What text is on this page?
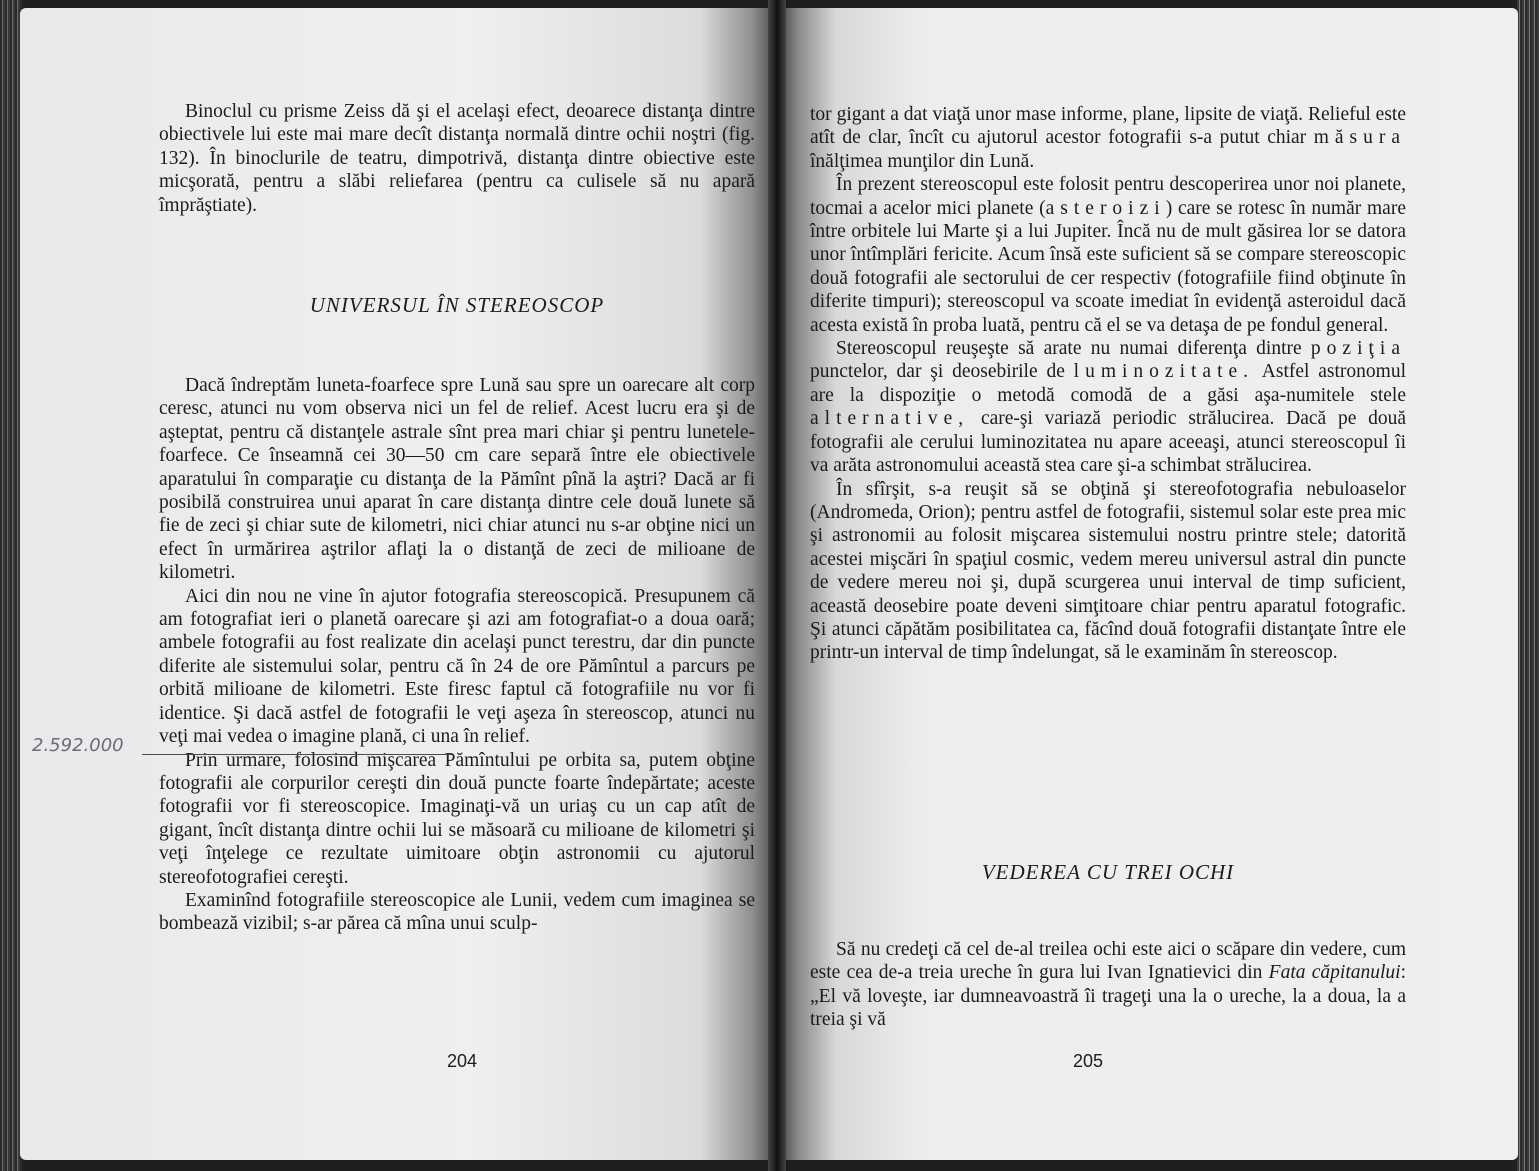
Binoclul cu prisme Zeiss dă şi el acelaşi efect, deoarece distanţa dintre obiectivele lui este mai mare decît distanţa normală dintre ochii noştri (fig. 132). În binoclurile de teatru, dimpotrivă, distanţa dintre obiective este micşorată, pentru a slăbi reliefarea (pentru ca culisele să nu apară împrăştiate).

UNIVERSUL ÎN STEREOSCOP

Dacă îndreptăm luneta-foarfece spre Lună sau spre un oarecare alt corp ceresc, atunci nu vom observa nici un fel de relief. Acest lucru era şi de aşteptat, pentru că distanţele astrale sînt prea mari chiar şi pentru lunetele-foarfece. Ce înseamnă cei 30—50 cm care separă între ele obiectivele aparatului în comparaţie cu distanţa de la Pămînt pînă la aştri? Dacă ar fi posibilă construirea unui aparat în care distanţa dintre cele două lunete să fie de zeci şi chiar sute de kilometri, nici chiar atunci nu s-ar obţine nici un efect în urmărirea aştrilor aflaţi la o distanţă de zeci de milioane de kilometri.

Aici din nou ne vine în ajutor fotografia stereoscopică. Presupunem că am fotografiat ieri o planetă oarecare şi azi am fotografiat-o a doua oară; ambele fotografii au fost realizate din acelaşi punct terestru, dar din puncte diferite ale sistemului solar, pentru că în 24 de ore Pămîntul a parcurs pe orbită milioane de kilometri. Este firesc faptul că fotografiile nu vor fi identice. Şi dacă astfel de fotografii le veţi aşeza în stereoscop, atunci nu veţi mai vedea o imagine plană, ci una în relief.

Prin urmare, folosind mişcarea Pămîntului pe orbita sa, putem obţine fotografii ale corpurilor cereşti din două puncte foarte îndepărtate; aceste fotografii vor fi stereoscopice. Imaginaţi-vă un uriaş cu un cap atît de gigant, încît distanţa dintre ochii lui se măsoară cu milioane de kilometri şi veţi înţelege ce rezultate uimitoare obţin astronomii cu ajutorul stereofotografiei cereşti.

Examinînd fotografiile stereoscopice ale Lunii, vedem cum imaginea se bombează vizibil; s-ar părea că mîna unui sculp-

2.592.000
204

tor gigant a dat viaţă unor mase informe, plane, lipsite de viaţă. Relieful este atît de clar, încît cu ajutorul acestor fotografii s-a putut chiar măsura înălţimea munţilor din Lună.

În prezent stereoscopul este folosit pentru descoperirea unor noi planete, tocmai a acelor mici planete (asteroizi) care se rotesc în număr mare între orbitele lui Marte şi a lui Jupiter. Încă nu de mult găsirea lor se datora unor întîmplări fericite. Acum însă este suficient să se compare stereoscopic două fotografii ale sectorului de cer respectiv (fotografiile fiind obţinute în diferite timpuri); stereoscopul va scoate imediat în evidenţă asteroidul dacă acesta există în proba luată, pentru că el se va detaşa de pe fondul general.

Stereoscopul reuşeşte să arate nu numai diferenţa dintre poziţia punctelor, dar şi deosebirile de luminozitate. Astfel astronomul are la dispoziţie o metodă comodă de a găsi aşa-numitele stele alternative, care-şi variază periodic strălucirea. Dacă pe două fotografii ale cerului luminozitatea nu apare aceeaşi, atunci stereoscopul îi va arăta astronomului această stea care şi-a schimbat strălucirea.

În sfîrşit, s-a reuşit să se obţină şi stereofotografia nebuloaselor (Andromeda, Orion); pentru astfel de fotografii, sistemul solar este prea mic şi astronomii au folosit mişcarea sistemului nostru printre stele; datorită acestei mişcări în spaţiul cosmic, vedem mereu universul astral din puncte de vedere mereu noi şi, după scurgerea unui interval de timp suficient, această deosebire poate deveni simţitoare chiar pentru aparatul fotografic. Şi atunci căpătăm posibilitatea ca, făcînd două fotografii distanţate între ele printr-un interval de timp îndelungat, să le examinăm în stereoscop.

VEDEREA CU TREI OCHI

Să nu credeţi că cel de-al treilea ochi este aici o scăpare din vedere, cum este cea de-a treia ureche în gura lui Ivan Ignatievici din Fata căpitanului: „El vă loveşte, iar dumneavoastră îi trageţi una la o ureche, la a doua, la a treia şi vă

205
